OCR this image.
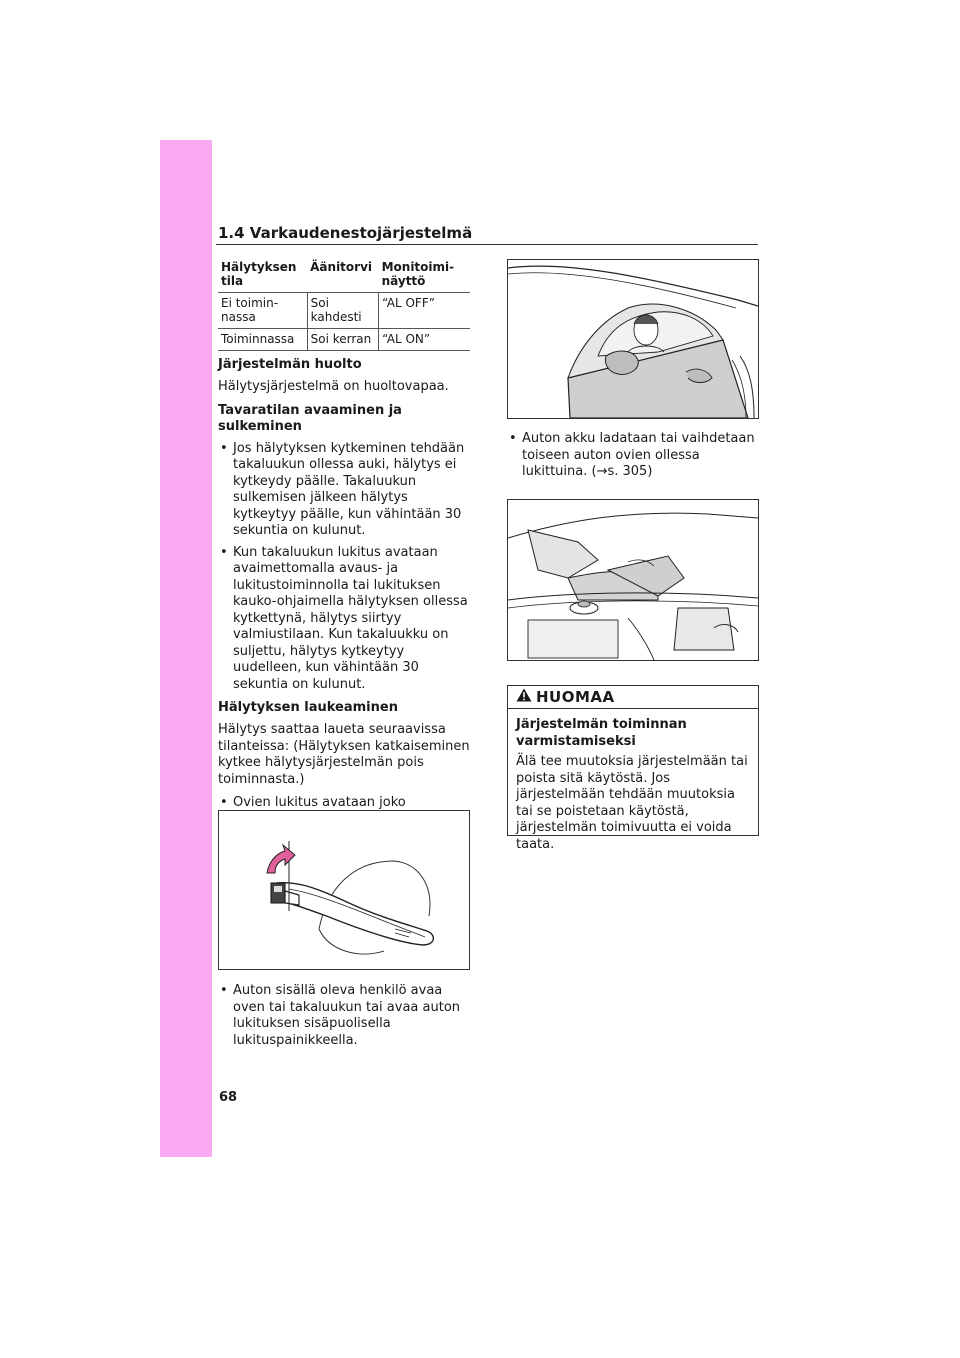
1.4 Varkaudenestojärjestelmä
Hälytyksen tila	Äänitorvi	Monitoimi-näyttö
Ei toimin-nassa	Soi kahdesti	“AL OFF”
Toiminnassa	Soi kerran	“AL ON”
Järjestelmän huolto

Hälytysjärjestelmä on huoltovapaa.

Tavaratilan avaaminen ja sulkeminen
• Jos hälytyksen kytkeminen tehdään takaluukun ollessa auki, hälytys ei kytkeydy päälle. Takaluukun sulkemisen jälkeen hälytys kytkeytyy päälle, kun vähintään 30 sekuntia on kulunut.
• Kun takaluukun lukitus avataan avaimettomalla avaus- ja lukitustoiminnolla tai lukituksen kauko-ohjaimella hälytyksen ollessa kytkettynä, hälytys siirtyy valmiustilaan. Kun takaluukku on suljettu, hälytys kytkeytyy uudelleen, kun vähintään 30 sekuntia on kulunut.
Hälytyksen laukeaminen

Hälytys saattaa laueta seuraavissa tilanteissa: (Hälytyksen katkaiseminen kytkee hälytysjärjestelmän pois toiminnasta.)

• Ovien lukitus avataan joko
• Auton sisällä oleva henkilö avaa oven tai takaluukun tai avaa auton lukituksen sisäpuolisella lukituspainikkeella.
• Auton akku ladataan tai vaihdetaan toiseen auton ovien ollessa lukittuina. (→s. 305)
HUOMAA
Järjestelmän toiminnan varmistamiseksi

Älä tee muutoksia järjestelmään tai poista sitä käytöstä. Jos järjestelmään tehdään muutoksia tai se poistetaan käytöstä, järjestelmän toimivuutta ei voida taata.

68
